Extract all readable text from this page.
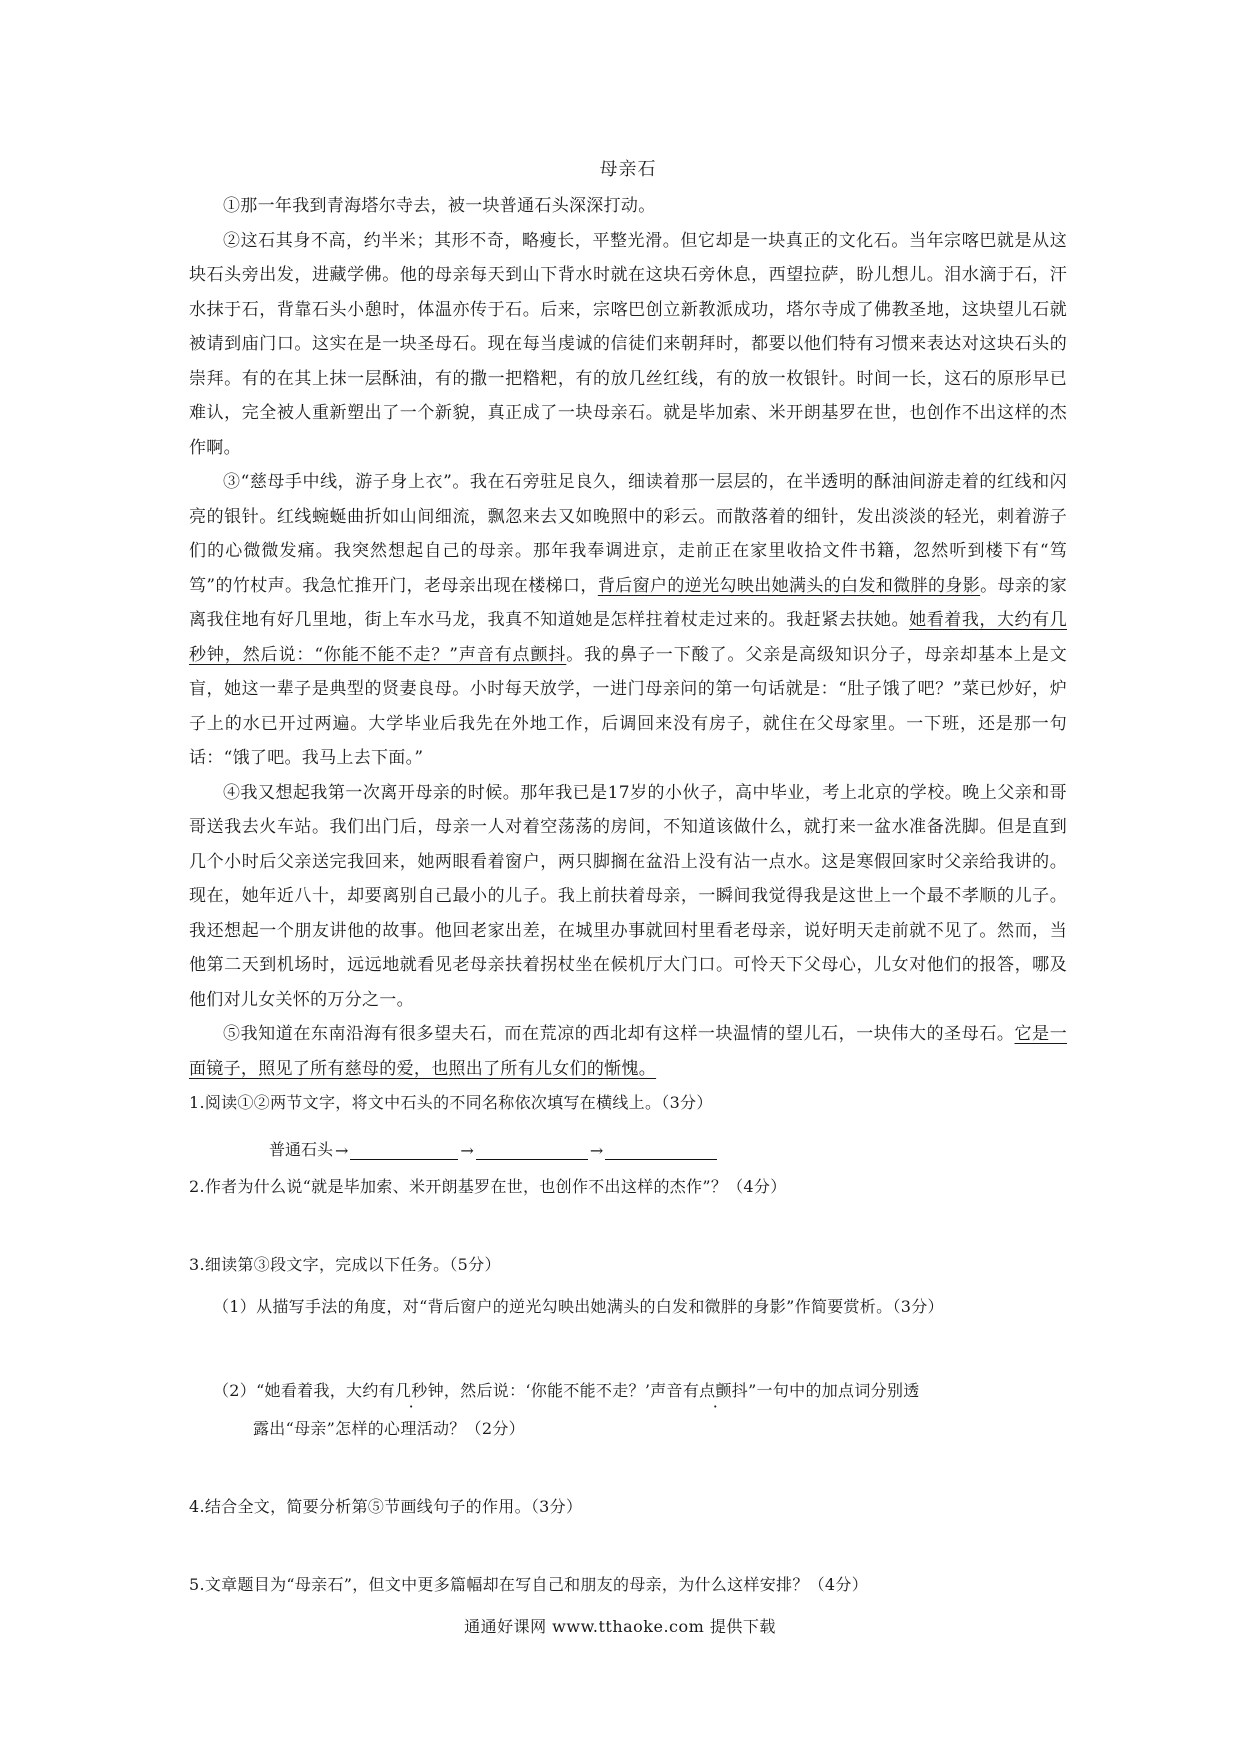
母亲石

①那一年我到青海塔尔寺去，被一块普通石头深深打动。

②这石其身不高，约半米；其形不奇，略瘦长，平整光滑。但它却是一块真正的文化石。当年宗喀巴就是从这块石头旁出发，进藏学佛。他的母亲每天到山下背水时就在这块石旁休息，西望拉萨，盼儿想儿。泪水滴于石，汗水抹于石，背靠石头小憩时，体温亦传于石。后来，宗喀巴创立新教派成功，塔尔寺成了佛教圣地，这块望儿石就被请到庙门口。这实在是一块圣母石。现在每当虔诚的信徒们来朝拜时，都要以他们特有习惯来表达对这块石头的崇拜。有的在其上抹一层酥油，有的撒一把糌粑，有的放几丝红线，有的放一枚银针。时间一长，这石的原形早已难认，完全被人重新塑出了一个新貌，真正成了一块母亲石。就是毕加索、米开朗基罗在世，也创作不出这样的杰作啊。

③“慈母手中线，游子身上衣”。我在石旁驻足良久，细读着那一层层的，在半透明的酥油间游走着的红线和闪亮的银针。红线蜿蜒曲折如山间细流，飘忽来去又如晚照中的彩云。而散落着的细针，发出淡淡的轻光，刺着游子们的心微微发痛。我突然想起自己的母亲。那年我奉调进京，走前正在家里收拾文件书籍，忽然听到楼下有“笃笃”的竹杖声。我急忙推开门，老母亲出现在楼梯口，背后窗户的逆光勾映出她满头的白发和微胖的身影。母亲的家离我住地有好几里地，街上车水马龙，我真不知道她是怎样拄着杖走过来的。我赶紧去扶她。她看着我，大约有几秒钟，然后说：“你能不能不走？”声音有点颤抖。我的鼻子一下酸了。父亲是高级知识分子，母亲却基本上是文盲，她这一辈子是典型的贤妻良母。小时每天放学，一进门母亲问的第一句话就是：“肚子饿了吧？”菜已炒好，炉子上的水已开过两遍。大学毕业后我先在外地工作，后调回来没有房子，就住在父母家里。一下班，还是那一句话：“饿了吧。我马上去下面。”

④我又想起我第一次离开母亲的时候。那年我已是17岁的小伙子，高中毕业，考上北京的学校。晚上父亲和哥哥送我去火车站。我们出门后，母亲一人对着空荡荡的房间，不知道该做什么，就打来一盆水准备洗脚。但是直到几个小时后父亲送完我回来，她两眼看着窗户，两只脚搁在盆沿上没有沾一点水。这是寒假回家时父亲给我讲的。现在，她年近八十，却要离别自己最小的儿子。我上前扶着母亲，一瞬间我觉得我是这世上一个最不孝顺的儿子。我还想起一个朋友讲他的故事。他回老家出差，在城里办事就回村里看老母亲，说好明天走前就不见了。然而，当他第二天到机场时，远远地就看见老母亲扶着拐杖坐在候机厅大门口。可怜天下父母心，儿女对他们的报答，哪及他们对儿女关怀的万分之一。

⑤我知道在东南沿海有很多望夫石，而在荒凉的西北却有这样一块温情的望儿石，一块伟大的圣母石。它是一面镜子，照见了所有慈母的爱，也照出了所有儿女们的惭愧。

1.阅读①②两节文字，将文中石头的不同名称依次填写在横线上。（3分）

普通石头 →	→	→

2.作者为什么说“就是毕加索、米开朗基罗在世，也创作不出这样的杰作”？（4分）

3.细读第③段文字，完成以下任务。（5分）

（1）从描写手法的角度，对“背后窗户的逆光勾映出她满头的白发和微胖的身影”作简要赏析。（3分）

（2）“她看着我，大约有几秒钟，然后说：‘你能不能不走？’声音有点颤抖”一句中的加点词分别透

露出“母亲”怎样的心理活动？（2分）

4.结合全文，简要分析第⑤节画线句子的作用。（3分）

5.文章题目为“母亲石”，但文中更多篇幅却在写自己和朋友的母亲，为什么这样安排？（4分）

通通好课网 www.tthaoke.com 提供下载
